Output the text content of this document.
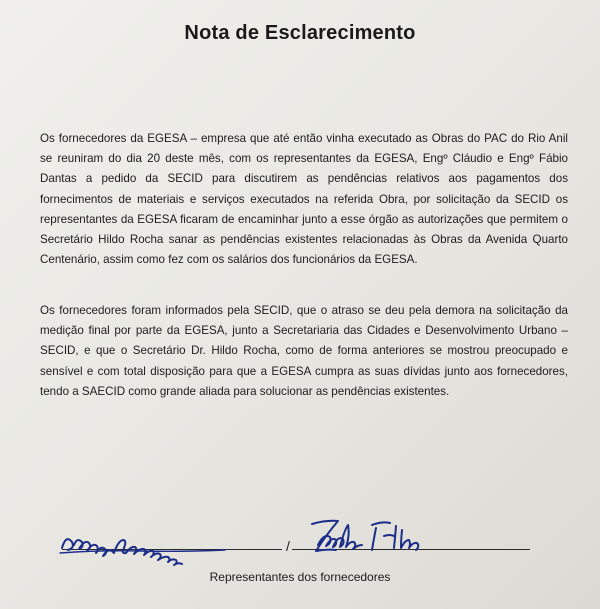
Nota de Esclarecimento
Os fornecedores da EGESA – empresa que até então vinha executado as Obras do PAC do Rio Anil se reuniram do dia 20 deste mês, com os representantes da EGESA, Engº Cláudio e Engº Fábio Dantas a pedido da SECID para discutirem as pendências relativos aos pagamentos dos fornecimentos de materiais e serviços executados na referida Obra, por solicitação da SECID os representantes da EGESA ficaram de encaminhar junto a esse órgão as autorizações que permitem o Secretário Hildo Rocha sanar as pendências existentes relacionadas às Obras da Avenida Quarto Centenário, assim como fez com os salários dos funcionários da EGESA.
Os fornecedores foram informados pela SECID, que o atraso se deu pela demora na solicitação da medição final por parte da EGESA, junto a Secretariaria das Cidades e Desenvolvimento Urbano – SECID, e que o Secretário Dr. Hildo Rocha, como de forma anteriores se mostrou preocupado e sensível e com total disposição para que a EGESA cumpra as suas dívidas junto aos fornecedores, tendo a SAECID como grande aliada para solucionar as pendências existentes.
/
Representantes dos fornecedores
